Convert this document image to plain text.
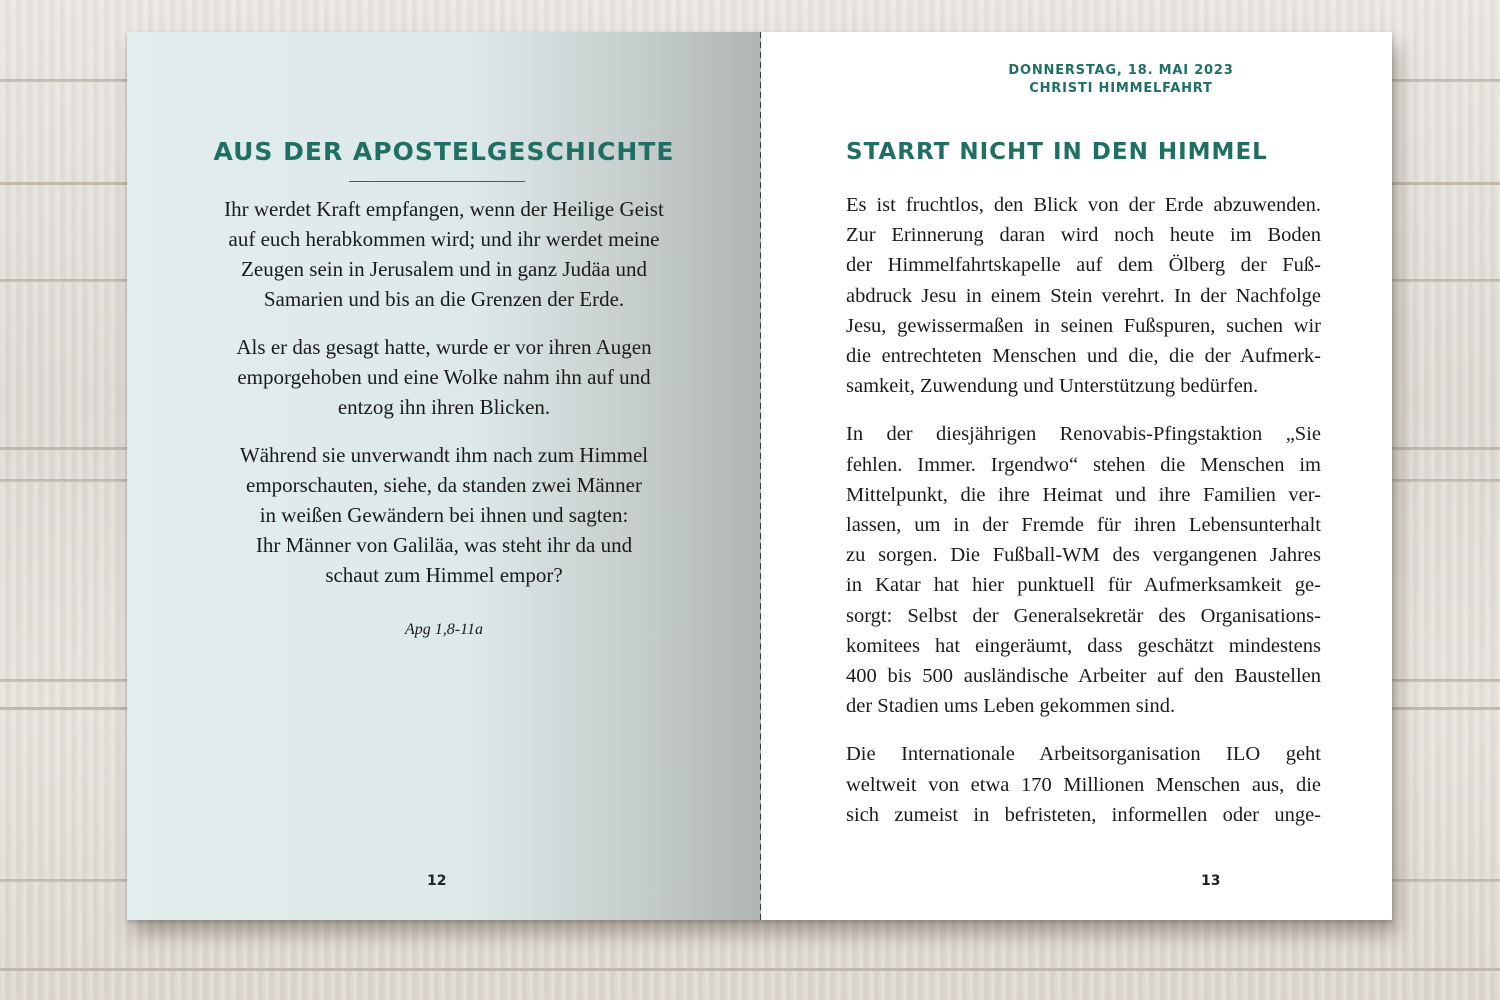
AUS DER APOSTELGESCHICHTE

Ihr werdet Kraft empfangen, wenn der Heilige Geist
auf euch herabkommen wird; und ihr werdet meine
Zeugen sein in Jerusalem und in ganz Judäa und
Samarien und bis an die Grenzen der Erde.

Als er das gesagt hatte, wurde er vor ihren Augen
emporgehoben und eine Wolke nahm ihn auf und
entzog ihn ihren Blicken.

Während sie unverwandt ihm nach zum Himmel
emporschauten, siehe, da standen zwei Männer
in weißen Gewändern bei ihnen und sagten:
Ihr Männer von Galiläa, was steht ihr da und
schaut zum Himmel empor?

Apg 1,8-11a
12
DONNERSTAG, 18. MAI 2023
CHRISTI HIMMELFAHRT
STARRT NICHT IN DEN HIMMEL

Es ist fruchtlos, den Blick von der Erde abzuwenden.
Zur Erinnerung daran wird noch heute im Boden
der Himmelfahrtskapelle auf dem Ölberg der Fuß-
abdruck Jesu in einem Stein verehrt. In der Nachfolge
Jesu, gewissermaßen in seinen Fußspuren, suchen wir
die entrechteten Menschen und die, die der Aufmerk-
samkeit, Zuwendung und Unterstützung bedürfen.

In der diesjährigen Renovabis-Pfingstaktion „Sie
fehlen. Immer. Irgendwo“ stehen die Menschen im
Mittelpunkt, die ihre Heimat und ihre Familien ver-
lassen, um in der Fremde für ihren Lebensunterhalt
zu sorgen. Die Fußball-WM des vergangenen Jahres
in Katar hat hier punktuell für Aufmerksamkeit ge-
sorgt: Selbst der Generalsekretär des Organisations-
komitees hat eingeräumt, dass geschätzt mindestens
400 bis 500 ausländische Arbeiter auf den Baustellen
der Stadien ums Leben gekommen sind.

Die Internationale Arbeitsorganisation ILO geht
weltweit von etwa 170 Millionen Menschen aus, die
sich zumeist in befristeten, informellen oder unge-

13
